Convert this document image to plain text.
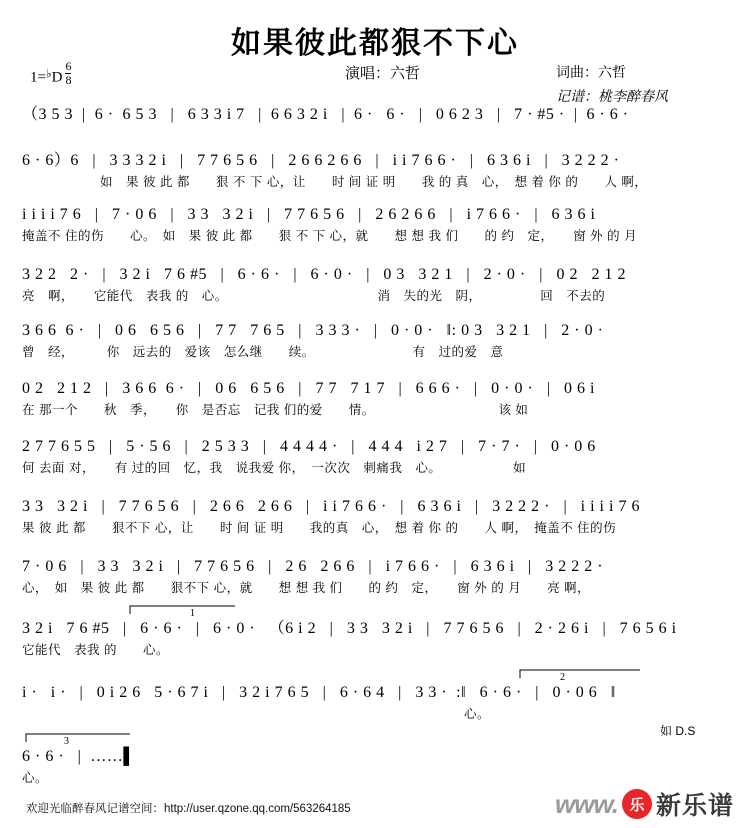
如果彼此都狠不下心
$1=^♭D \frac{6}{8}$	演唱：六哲	词曲：六哲
记谱：桃李醉春风
（3 5 3  |  6 ·  6 5 3   |   6 3 3 i 7   |  6 6 3 2 i   |  6 ·   6 ·   |   0 6 2 3   |   7 · #5 ·  |  6 · 6 ·
6 · 6）6   |   3 3 3 2 i   |   7 7 6 5 6   |   2 6 6 2 6 6   |   i i 7 6 6 ·   |   6 3 6 i   |   3 2 2 2 ·
　　　　　　如　果 彼 此 都　　狠 不 下 心，让　　时 间 证 明　　我 的 真　心，　想 着 你 的　　人 啊，
i i i i 7 6   |   7 · 0 6   |   3 3   3 2 i   |   7 7 6 5 6   |   2 6 2 6 6   |   i 7 6 6 ·   |   6 3 6 i
掩盖不 住的伤　　心。　如　果 彼 此 都　　狠 不 下 心，就　　想 想 我 们　　的 约　定，　　窗 外 的 月
3 2 2   2 ·   |   3 2 i   7 6 #5   |   6 · 6 ·   |   6 · 0 ·   |   0 3   3 2 1   |   2 · 0 ·   |   0 2   2 1 2
亮　啊，　　它能代　表我 的　心。　　　　　　　　　　　　消　失的光　阴，　　　　　回　不去的
3 6 6  6 ·   |   0 6   6 5 6   |   7 7   7 6 5   |   3 3 3 ·   |   0 · 0 ·   ‖: 0 3   3 2 1   |   2 · 0 ·
曾　经，　　　你　远去的　爱该　怎么继　　续。　　　　　　　　有　过的爱　意
0 2   2 1 2   |   3 6 6  6 ·   |   0 6   6 5 6   |   7 7   7 1 7   |   6 6 6 ·   |   0 · 0 ·   |   0 6 i
在 那一个　　秋　季，　　你　是否忘　记我 们的爱　　情。　　　　　　　　　　该 如
2 7 7 6 5 5   |   5 · 5 6   |   2 5 3 3   |   4 4 4 4 ·   |   4 4 4   i 2 7   |   7 · 7 ·   |   0 · 0 6
何 去面 对，　　有 过的回　忆，我　说我爱 你，　一次次　刺痛我　心。　　　　　　如
3 3   3 2 i   |   7 7 6 5 6   |   2 6 6   2 6 6   |   i i 7 6 6 ·   |   6 3 6 i   |   3 2 2 2 ·   |   i i i i 7 6
果 彼 此 都　　狠不下 心，让　　时 间 证 明　　我的真　心，　想 着 你 的　　人 啊，　掩盖不 住的伤
7 · 0 6   |   3 3   3 2 i   |   7 7 6 5 6   |   2 6   2 6 6   |   i 7 6 6 ·   |   6 3 6 i   |   3 2 2 2 ·
心，　如　果 彼 此 都　　狠不下 心，就　　想 想 我 们　　的 约　定，　　窗 外 的 月　　亮 啊，
3 2 i   7 6 #5   |   6 · 6 ·   |   6 · 0 ·   （6 i 2   |   3 3   3 2 i   |   7 7 6 5 6   |   2 · 2 6 i   |   7 6 5 6 i
它能代　表我 的　　心。
i ·   i ·   |   0 i 2 6   5 · 6 7 i   |   3 2 i 7 6 5   |   6 · 6 4   |   3 3 ·  :‖   6 · 6 ·   |   0 · 0 6   ‖
　　　　　　　　　　　　　　　　　　　　　　　　　　　　　　　　　　心。
6 · 6 ·   |  ……▌
心。
1
2
3
如 D.S
欢迎光临醉春风记谱空间：http://user.qzone.qq.com/563264185	www. 乐 新乐谱
